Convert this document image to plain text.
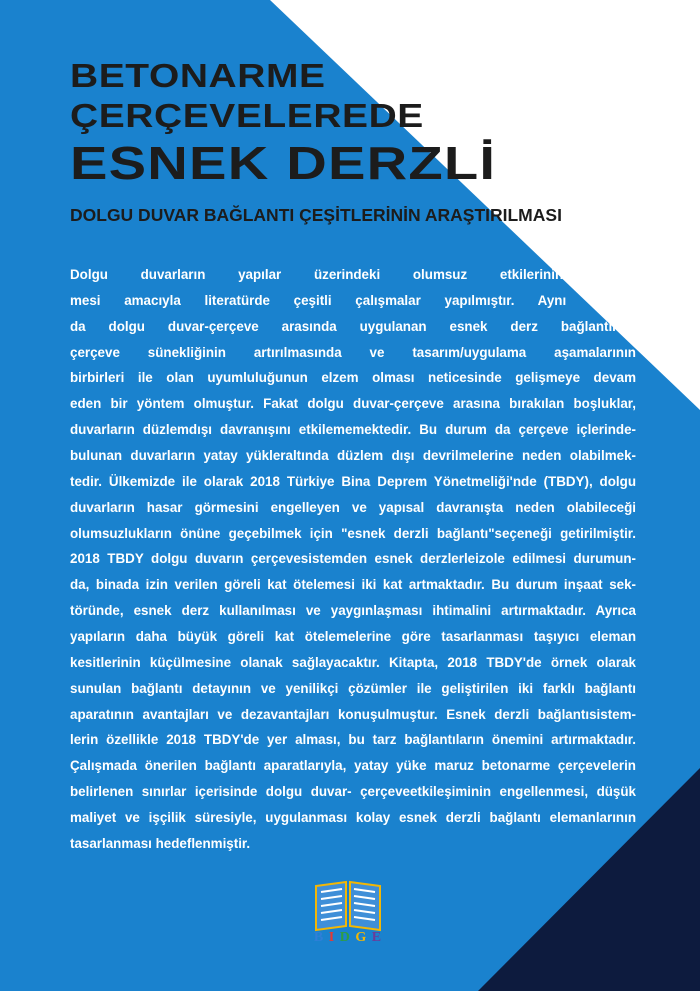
BETONARME
ÇERÇEVELEREDE
ESNEK DERZLİ
DOLGU DUVAR BAĞLANTI ÇEŞİTLERİNİN ARAŞTIRILMASI
Dolgu duvarların yapılar üzerindeki olumsuz etkilerinin önlen-
mesi amacıyla literatürde çeşitli çalışmalar yapılmıştır. Aynı zaman-
da dolgu duvar-çerçeve arasında uygulanan esnek derz bağlantıları,
çerçeve sünekliğinin artırılmasında ve tasarım/uygulama aşamalarının
birbirleri ile olan uyumluluğunun elzem olması neticesinde gelişmeye devam
eden bir yöntem olmuştur. Fakat dolgu duvar-çerçeve arasına bırakılan boşluklar,
duvarların düzlemdışı davranışını etkilememektedir. Bu durum da çerçeve içlerinde-
bulunan duvarların yatay yükleraltında düzlem dışı devrilmelerine neden olabilmek-
tedir. Ülkemizde ile olarak 2018 Türkiye Bina Deprem Yönetmeliği'nde (TBDY), dolgu
duvarların hasar görmesini engelleyen ve yapısal davranışta neden olabileceği
olumsuzlukların önüne geçebilmek için "esnek derzli bağlantı"seçeneği getirilmiştir.
2018 TBDY dolgu duvarın çerçevesistemden esnek derzlerleizole edilmesi durumun-
da, binada izin verilen göreli kat ötelemesi iki kat artmaktadır. Bu durum inşaat sek-
töründe, esnek derz kullanılması ve yaygınlaşması ihtimalini artırmaktadır. Ayrıca
yapıların daha büyük göreli kat ötelemelerine göre tasarlanması taşıyıcı eleman
kesitlerinin küçülmesine olanak sağlayacaktır. Kitapta, 2018 TBDY'de örnek olarak
sunulan bağlantı detayının ve yenilikçi çözümler ile geliştirilen iki farklı bağlantı
aparatının avantajları ve dezavantajları konuşulmuştur. Esnek derzli bağlantısistem-
lerin özellikle 2018 TBDY'de yer alması, bu tarz bağlantıların önemini artırmaktadır.
Çalışmada önerilen bağlantı aparatlarıyla, yatay yüke maruz betonarme çerçevelerin
belirlenen sınırlar içerisinde dolgu duvar- çerçeveetkileşiminin engellenmesi, düşük
maliyet ve işçilik süresiyle, uygulanması kolay esnek derzli bağlantı elemanlarının
tasarlanması hedeflenmiştir.
B I D G E
